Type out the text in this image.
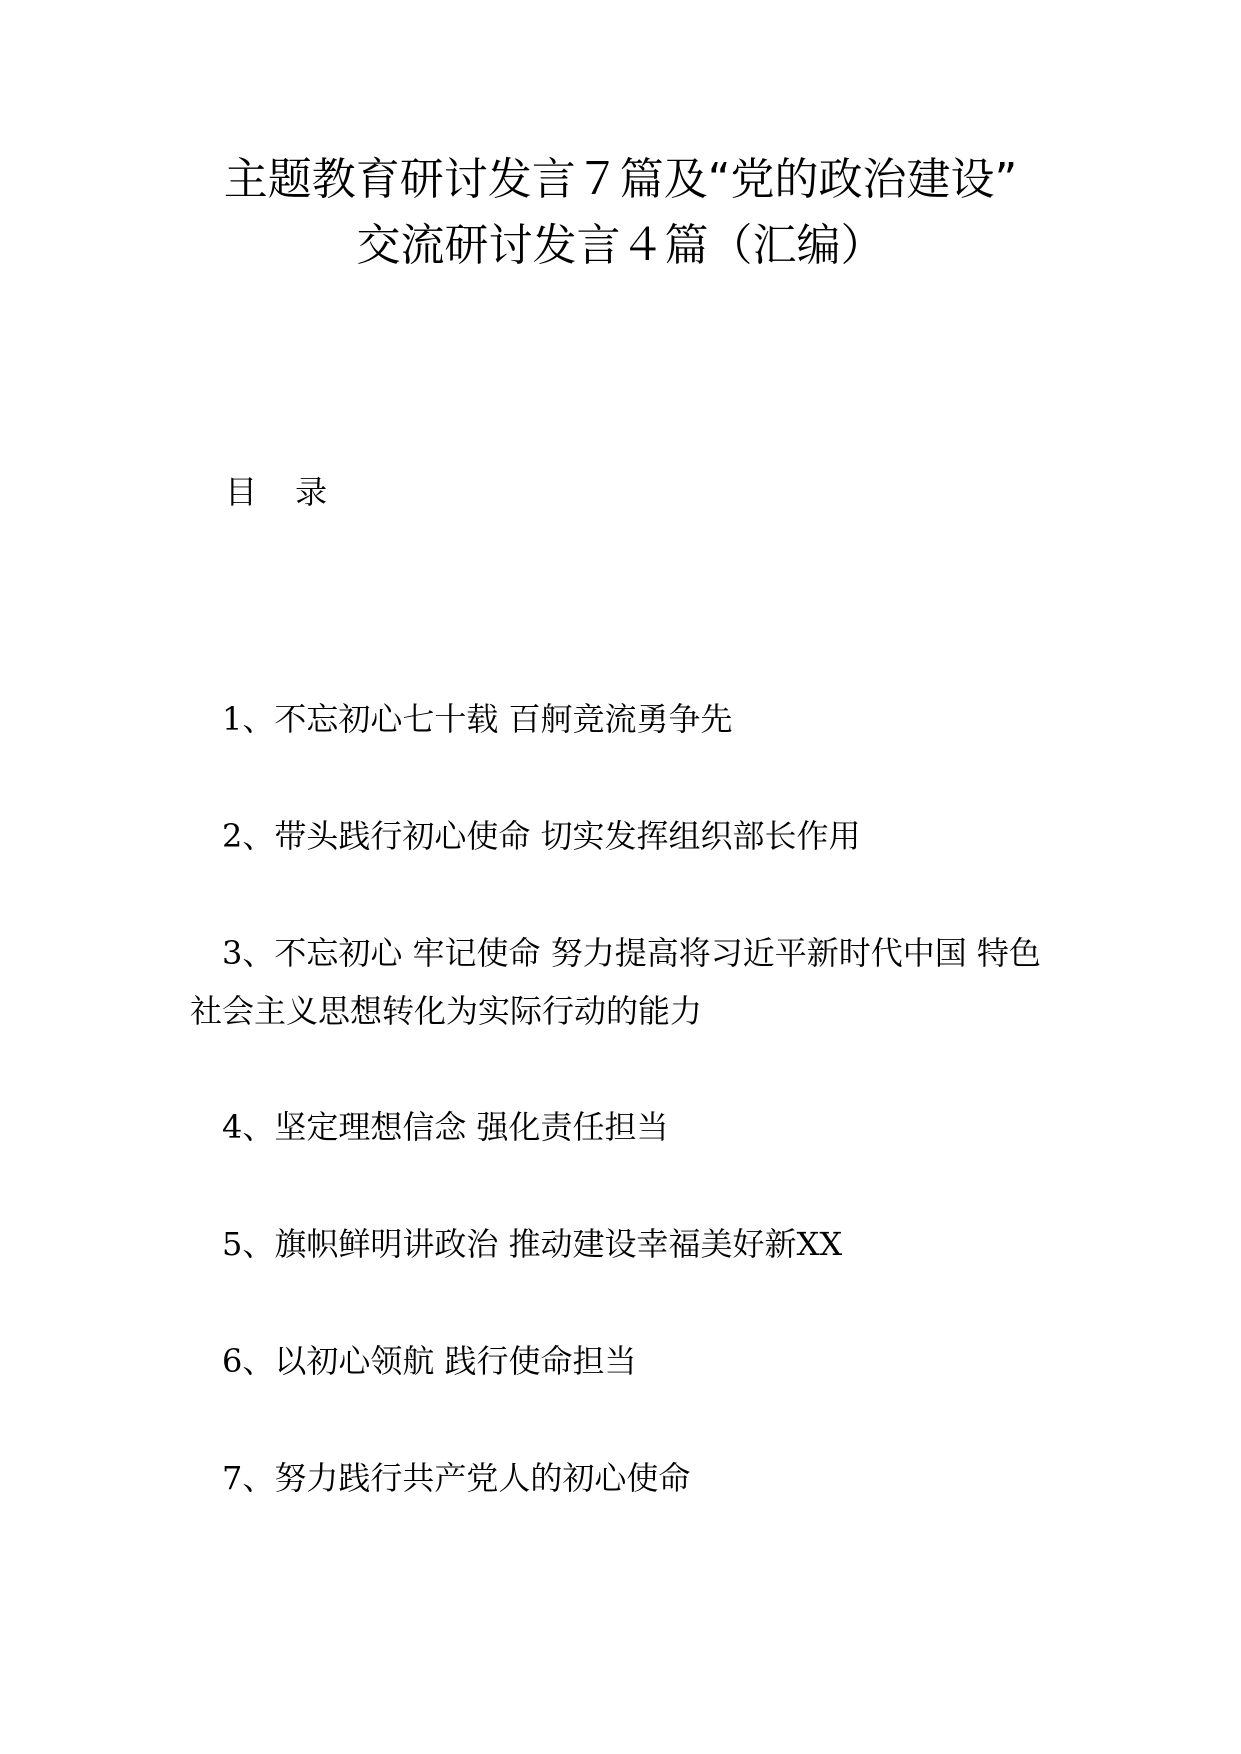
主题教育研讨发言７篇及“党的政治建设”
交流研讨发言４篇（汇编）
目 录
1、不忘初心七十载 百舸竞流勇争先
2、带头践行初心使命 切实发挥组织部长作用
3、不忘初心 牢记使命 努力提高将习近平新时代中国 特色社会主义思想转化为实际行动的能力
4、坚定理想信念 强化责任担当
5、旗帜鲜明讲政治 推动建设幸福美好新XX
6、以初心领航 践行使命担当
7、努力践行共产党人的初心使命
